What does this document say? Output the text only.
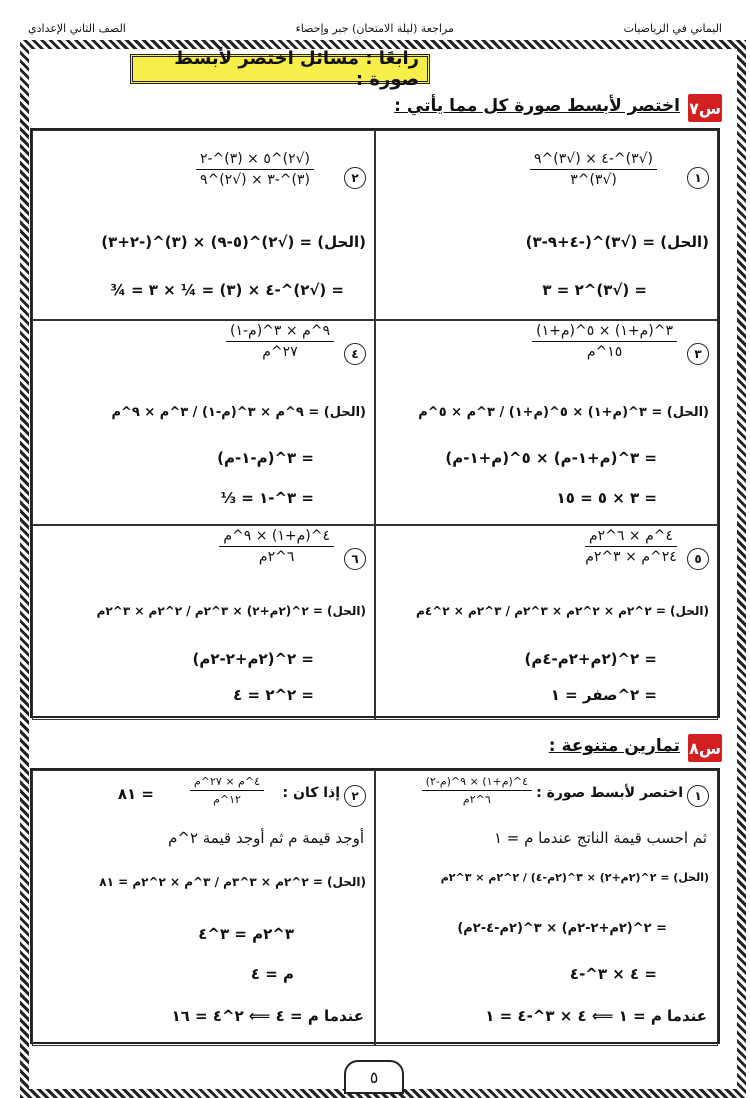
اليماني في الرياضيات
مراجعة (ليلة الامتحان) جبر وإحصاء
الصف الثاني الإعدادي
رابعًا : مسائل اختصر لأبسط صورة :
س٧
اختصر لأبسط صورة كل مما يأتي :
١
(√٣)^-٤ × (√٣)^٩
(√٣)^٣
(الحل) = (√٣)^(-٤+٩-٣)
= (√٣)^٢ = ٣
٢
(√٢)^٥ × (٣)^-٢
(٣)^-٣ × (√٢)^٩
(الحل) = (√٢)^(٥-٩) × (٣)^(-٢+٣)
= (√٢)^-٤ × (٣) = ¼ × ٣ = ¾
٣
٣^(م+١) × ٥^(م+١)
١٥^م
(الحل) = ٣^(م+١) × ٥^(م+١) / ٣^م × ٥^م
= ٣^(م+١-م) × ٥^(م+١-م)
= ٣ × ٥ = ١٥
٤
٩^م × ٣^(م-١)
٢٧^م
(الحل) = ٩^م × ٣^(م-١) / ٣^م × ٩^م
= ٣^(م-١-م)
= ٣^-١ = ⅓
٥
٤^م × ٦^٢م
٢٤^م × ٣^٢م
(الحل) = ٢^٢م × ٢^٢م × ٣^٢م / ٣^٢م × ٢^٤م
= ٢^(٢م+٢م-٤م)
= ٢^صفر = ١
٦
٤^(م+١) × ٩^م
٦^٢م
(الحل) = ٢^(٢م+٢) × ٣^٢م / ٢^٢م × ٣^٢م
= ٢^(٢م+٢-٢م)
= ٢^٢ = ٤
س٨
تمارين متنوعة :
١
اختصر لأبسط صورة :
٤^(م+١) × ٩^(م-٢)
٦^٢م
ثم احسب قيمة الناتج عندما م = ١
(الحل) = ٢^(٢م+٢) × ٣^(٢م-٤) / ٢^٢م × ٣^٢م
= ٢^(٢م+٢-٢م) × ٣^(٢م-٤-٢م)
= ٤ × ٣^-٤
عندما م = ١ ⟸ ٤ × ٣^-٤ = ١
٢
إذا كان :
٤^م × ٢٧^م
١٢^م
= ٨١
أوجد قيمة م ثم أوجد قيمة ٢^م
(الحل) = ٢^٢م × ٣^٣م / ٣^م × ٢^٢م = ٨١
٣^٢م = ٣^٤
م = ٤
عندما م = ٤ ⟸ ٢^٤ = ١٦
٥
